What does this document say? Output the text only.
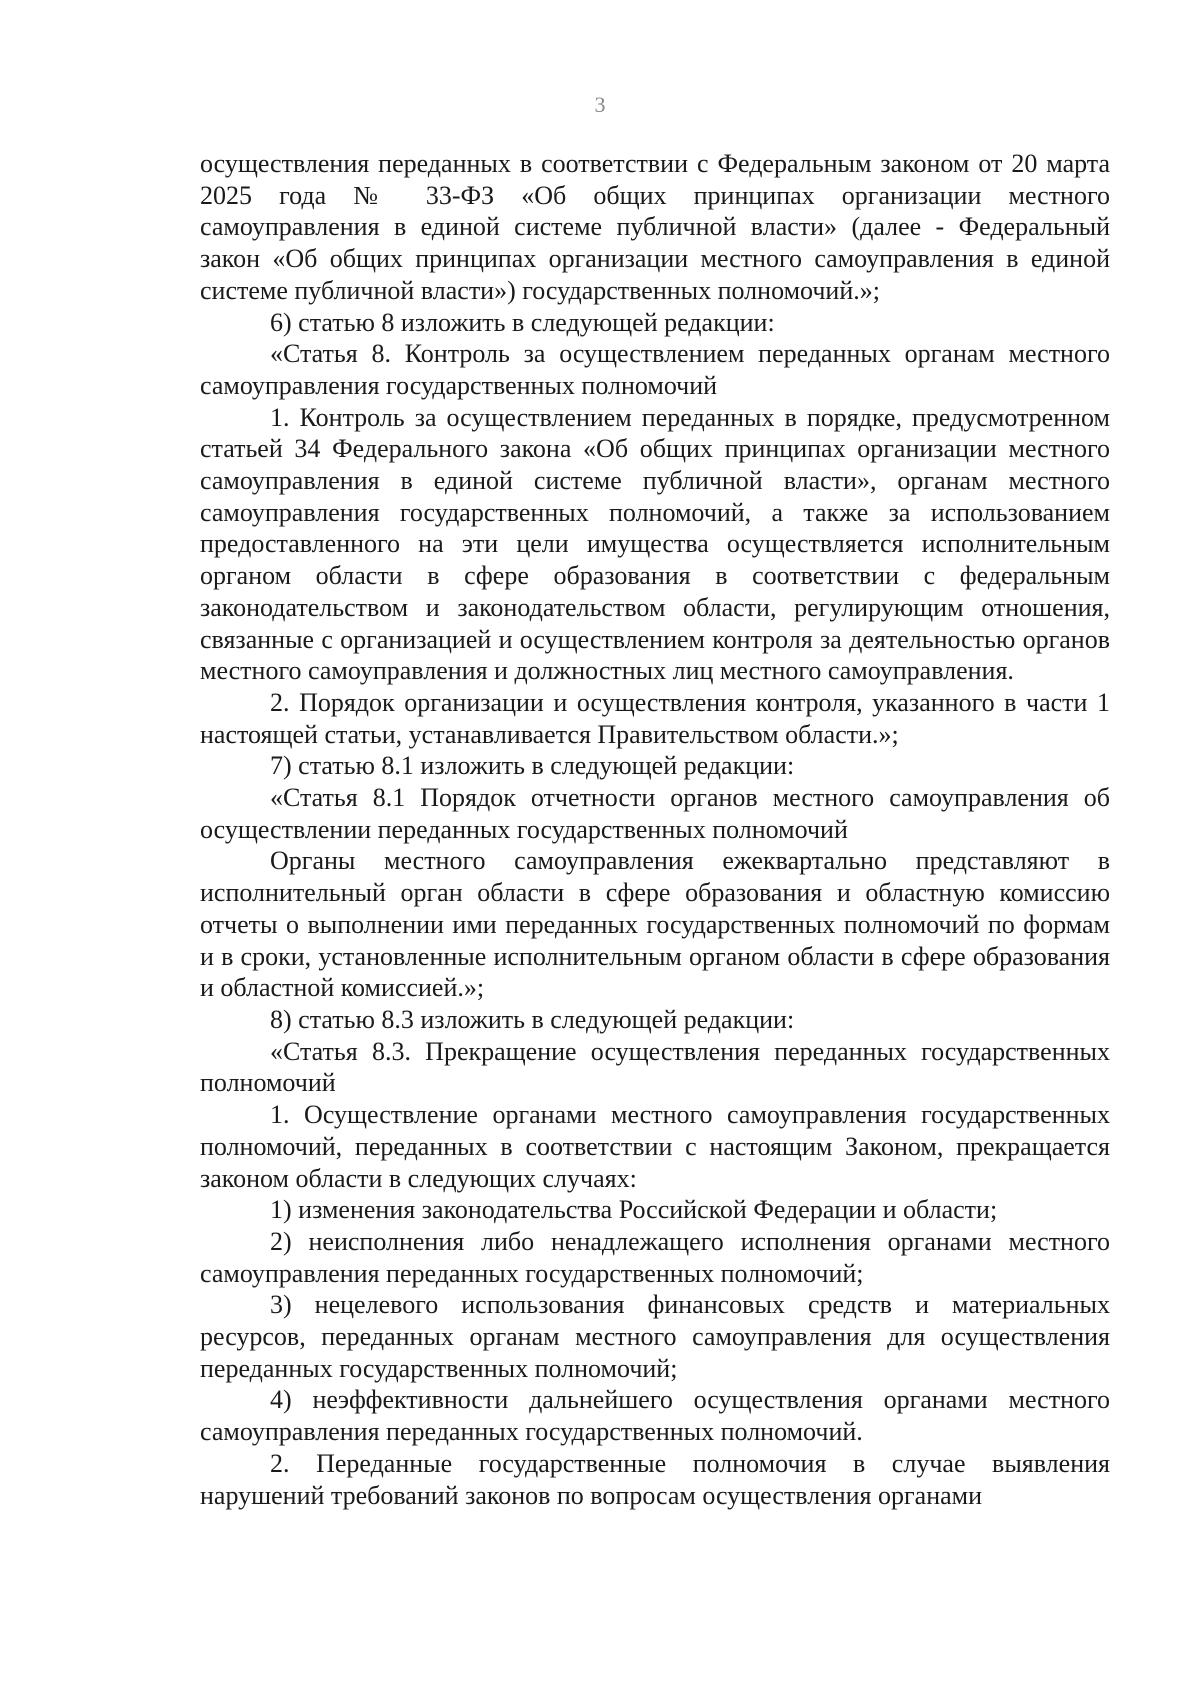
3

осуществления переданных в соответствии с Федеральным законом от 20 марта 2025 года № 33-ФЗ «Об общих принципах организации местного самоуправления в единой системе публичной власти» (далее - Федеральный закон «Об общих принципах организации местного самоуправления в единой системе публичной власти») государственных полномочий.»;

6) статью 8 изложить в следующей редакции:

«Статья 8. Контроль за осуществлением переданных органам местного самоуправления государственных полномочий

1. Контроль за осуществлением переданных в порядке, предусмотренном статьей 34 Федерального закона «Об общих принципах организации местного самоуправления в единой системе публичной власти», органам местного самоуправления государственных полномочий, а также за использованием предоставленного на эти цели имущества осуществляется исполнительным органом области в сфере образования в соответствии с федеральным законодательством и законодательством области, регулирующим отношения, связанные с организацией и осуществлением контроля за деятельностью органов местного самоуправления и должностных лиц местного самоуправления.

2. Порядок организации и осуществления контроля, указанного в части 1 настоящей статьи, устанавливается Правительством области.»;

7) статью 8.1 изложить в следующей редакции:

«Статья 8.1 Порядок отчетности органов местного самоуправления об осуществлении переданных государственных полномочий

Органы местного самоуправления ежеквартально представляют в исполнительный орган области в сфере образования и областную комиссию отчеты о выполнении ими переданных государственных полномочий по формам и в сроки, установленные исполнительным органом области в сфере образования и областной комиссией.»;

8) статью 8.3 изложить в следующей редакции:

«Статья 8.3. Прекращение осуществления переданных государственных полномочий

1. Осуществление органами местного самоуправления государственных полномочий, переданных в соответствии с настоящим Законом, прекращается законом области в следующих случаях:

1) изменения законодательства Российской Федерации и области;

2) неисполнения либо ненадлежащего исполнения органами местного самоуправления переданных государственных полномочий;

3) нецелевого использования финансовых средств и материальных ресурсов, переданных органам местного самоуправления для осуществления переданных государственных полномочий;

4) неэффективности дальнейшего осуществления органами местного самоуправления переданных государственных полномочий.

2. Переданные государственные полномочия в случае выявления нарушений требований законов по вопросам осуществления органами
